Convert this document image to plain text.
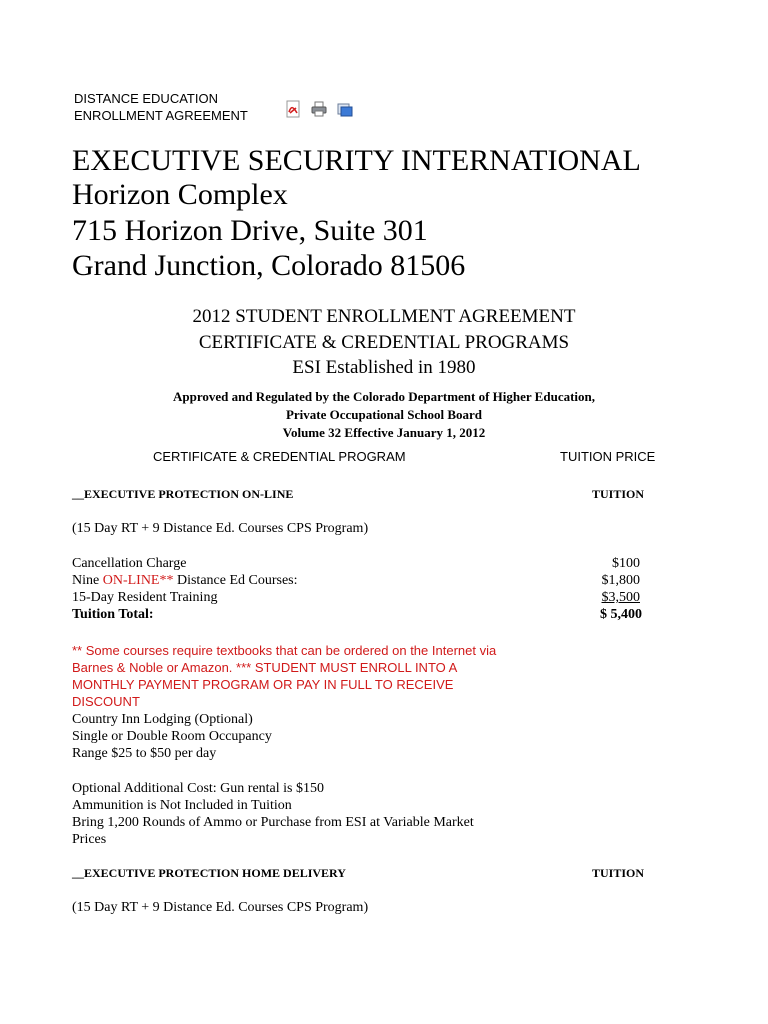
DISTANCE EDUCATION
ENROLLMENT AGREEMENT
EXECUTIVE SECURITY INTERNATIONAL
Horizon Complex
715 Horizon Drive, Suite 301
Grand Junction, Colorado 81506
2012 STUDENT ENROLLMENT AGREEMENT
CERTIFICATE & CREDENTIAL PROGRAMS
ESI Established in 1980
Approved and Regulated by the Colorado Department of Higher Education,
Private Occupational School Board
Volume 32 Effective January 1, 2012
CERTIFICATE & CREDENTIAL PROGRAM	TUITION PRICE
__EXECUTIVE PROTECTION ON-LINE	TUITION
(15 Day RT + 9 Distance Ed. Courses CPS Program)
Cancellation Charge	$100
Nine ON-LINE** Distance Ed Courses:	$1,800
15-Day Resident Training	$3,500
Tuition Total:	$ 5,400
** Some courses require textbooks that can be ordered on the Internet via
Barnes & Noble or Amazon. *** STUDENT MUST ENROLL INTO A
MONTHLY PAYMENT PROGRAM OR PAY IN FULL TO RECEIVE
DISCOUNT
Country Inn Lodging (Optional)
Single or Double Room Occupancy
Range $25 to $50 per day
Optional Additional Cost: Gun rental is $150
Ammunition is Not Included in Tuition
Bring 1,200 Rounds of Ammo or Purchase from ESI at Variable Market
Prices
__EXECUTIVE PROTECTION HOME DELIVERY	TUITION
(15 Day RT + 9 Distance Ed. Courses CPS Program)
